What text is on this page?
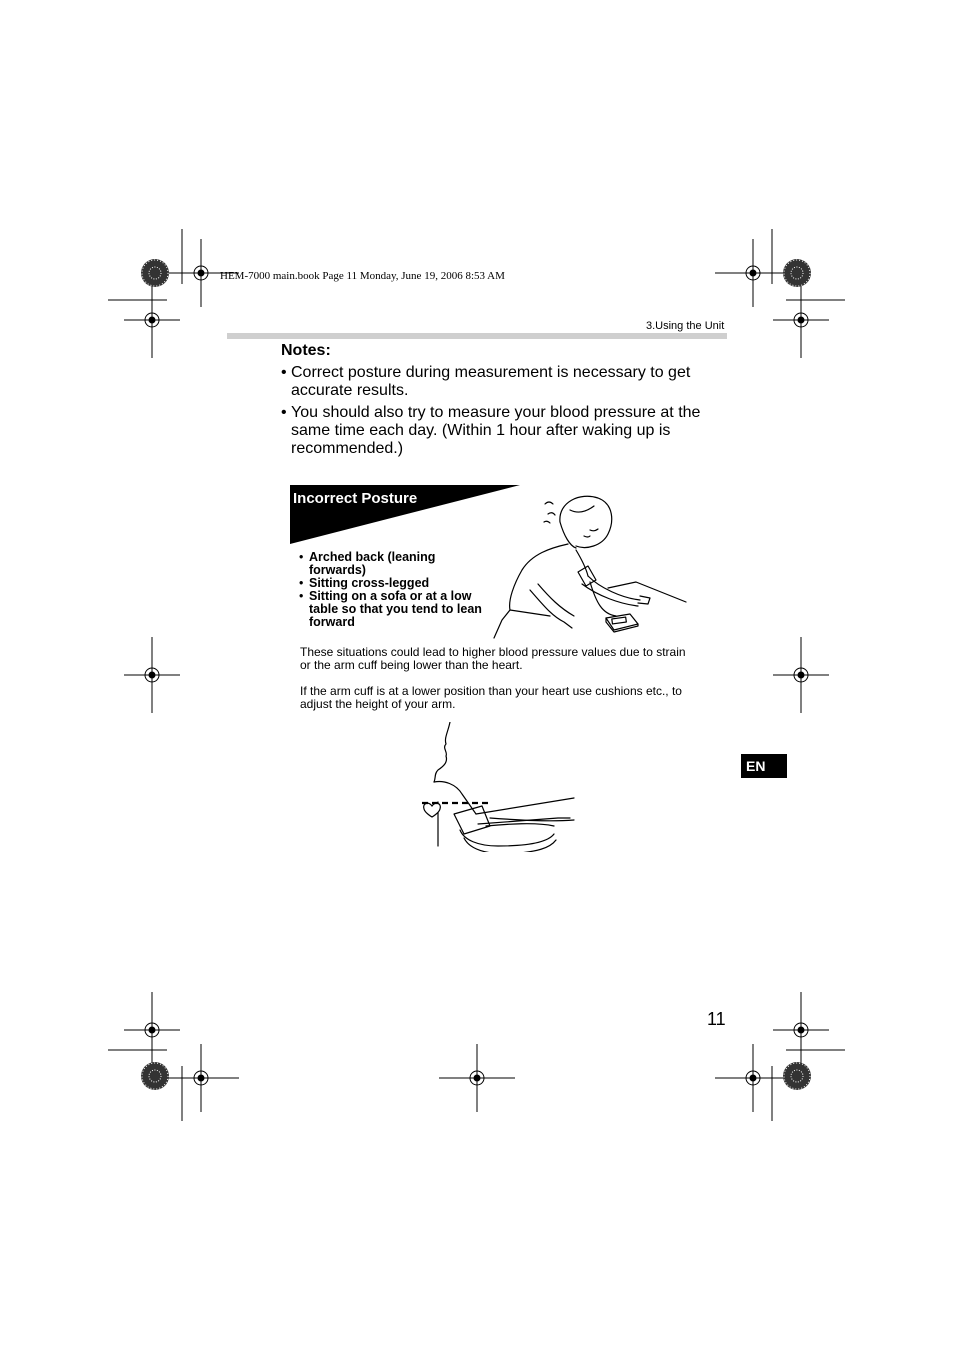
HEM-7000 main.book Page 11 Monday, June 19, 2006 8:53 AM
3.Using the Unit
Notes:
• Correct posture during measurement is necessary to get accurate results.
• You should also try to measure your blood pressure at the same time each day. (Within 1 hour after waking up is recommended.)
Incorrect Posture
• Arched back (leaning forwards)
• Sitting cross-legged
• Sitting on a sofa or at a low table so that you tend to lean forward
These situations could lead to higher blood pressure values due to strain or the arm cuff being lower than the heart.
If the arm cuff is at a lower position than your heart use cushions etc., to adjust the height of your arm.
EN
11
